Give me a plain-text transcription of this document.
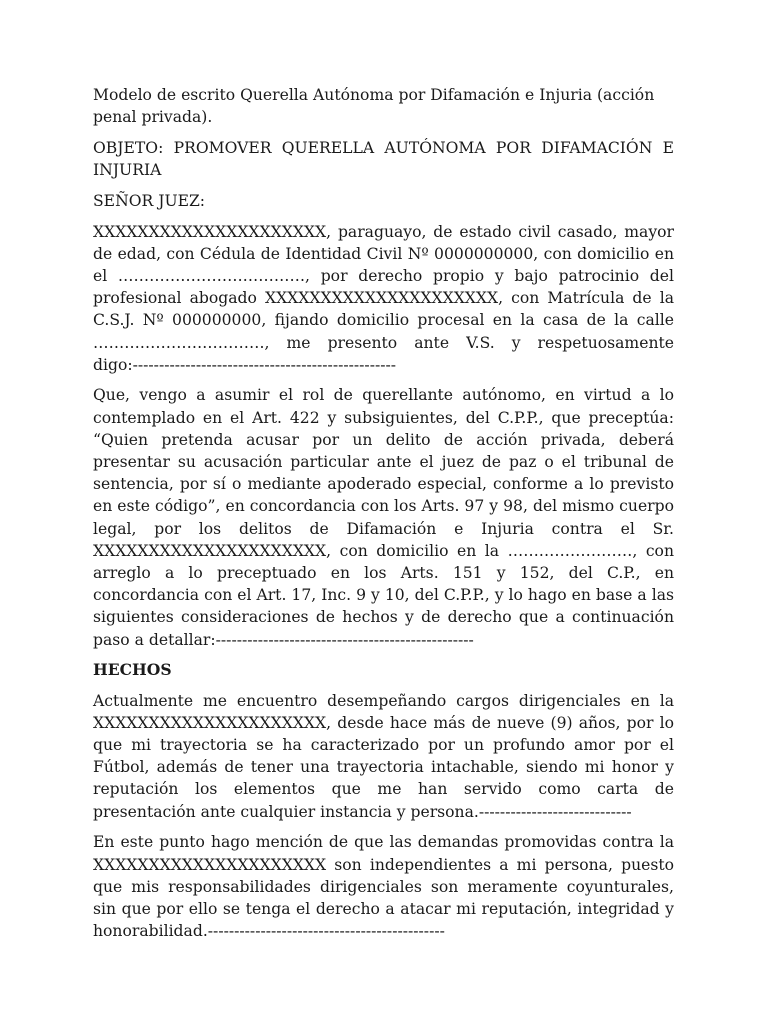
Modelo de escrito Querella Autónoma por Difamación e Injuria (acción penal privada).

OBJETO: PROMOVER QUERELLA AUTÓNOMA POR DIFAMACIÓN E INJURIA

SEÑOR JUEZ:

XXXXXXXXXXXXXXXXXXXXX, paraguayo, de estado civil casado, mayor de edad, con Cédula de Identidad Civil Nº 0000000000, con domicilio en el ………………………………, por derecho propio y bajo patrocinio del profesional abogado XXXXXXXXXXXXXXXXXXXXX, con Matrícula de la C.S.J. Nº 000000000, fijando domicilio procesal en la casa de la calle ……………………………, me presento ante V.S. y respetuosamente digo:--------------------------------------------------

Que, vengo a asumir el rol de querellante autónomo, en virtud a lo contemplado en el Art. 422 y subsiguientes, del C.P.P., que preceptúa: “Quien pretenda acusar por un delito de acción privada, deberá presentar su acusación particular ante el juez de paz o el tribunal de sentencia, por sí o mediante apoderado especial, conforme a lo previsto en este código”, en concordancia con los Arts. 97 y 98, del mismo cuerpo legal, por los delitos de Difamación e Injuria contra el Sr. XXXXXXXXXXXXXXXXXXXXX, con domicilio en la ……………………, con arreglo a lo preceptuado en los Arts. 151 y 152, del C.P., en concordancia con el Art. 17, Inc. 9 y 10, del C.P.P., y lo hago en base a las siguientes consideraciones de hechos y de derecho que a continuación paso a detallar:-------------------------------------------------

HECHOS

Actualmente me encuentro desempeñando cargos dirigenciales en la XXXXXXXXXXXXXXXXXXXXX, desde hace más de nueve (9) años, por lo que mi trayectoria se ha caracterizado por un profundo amor por el Fútbol, además de tener una trayectoria intachable, siendo mi honor y reputación los elementos que me han servido como carta de presentación ante cualquier instancia y persona.-----------------------------

En este punto hago mención de que las demandas promovidas contra la XXXXXXXXXXXXXXXXXXXXX son independientes a mi persona, puesto que mis responsabilidades dirigenciales son meramente coyunturales, sin que por ello se tenga el derecho a atacar mi reputación, integridad y honorabilidad.---------------------------------------------
